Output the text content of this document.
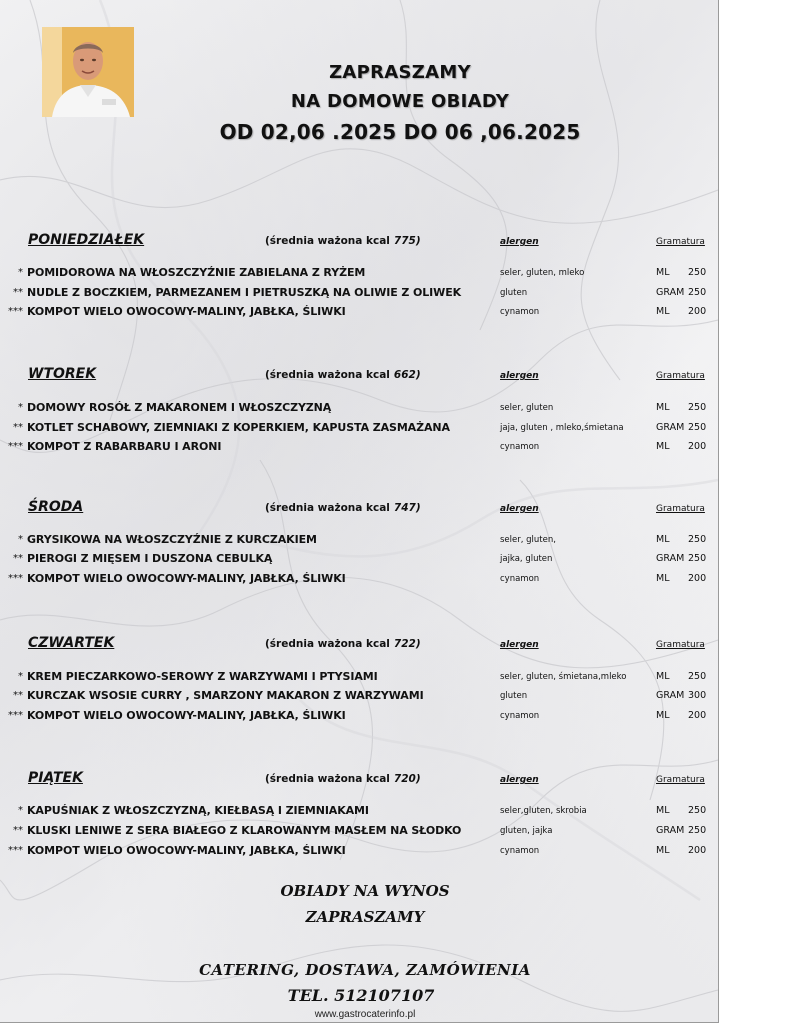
ZAPRASZAMY
NA DOMOWE OBIADY
OD 02,06 .2025 DO 06 ,06.2025
PONIEDZIAŁEK	(średnia ważona kcal 775)	alergen	Gramatura
* POMIDOROWA NA WŁOSZCZYŹNIE ZABIELANA Z RYŻEM	seler, gluten, mleko	ML 250
** NUDLE Z BOCZKIEM, PARMEZANEM I PIETRUSZKĄ NA OLIWIE Z OLIWEK	gluten	GRAM 250
*** KOMPOT WIELO OWOCOWY-MALINY, JABŁKA, ŚLIWKI	cynamon	ML 200
WTOREK	(średnia ważona kcal 662)	alergen	Gramatura
* DOMOWY ROSÓŁ Z MAKARONEM I WŁOSZCZYZNĄ	seler, gluten	ML 250
** KOTLET SCHABOWY, ZIEMNIAKI Z KOPERKIEM, KAPUSTA ZASMAŻANA	jaja, gluten , mleko,śmietana	GRAM 250
*** KOMPOT Z RABARBARU I ARONI	cynamon	ML 200
ŚRODA	(średnia ważona kcal 747)	alergen	Gramatura
* GRYSIKOWA NA WŁOSZCZYŹNIE Z KURCZAKIEM	seler, gluten,	ML 250
** PIEROGI Z MIĘSEM I DUSZONA CEBULKĄ	jajka, gluten	GRAM 250
*** KOMPOT WIELO OWOCOWY-MALINY, JABŁKA, ŚLIWKI	cynamon	ML 200
CZWARTEK	(średnia ważona kcal 722)	alergen	Gramatura
* KREM PIECZARKOWO-SEROWY Z WARZYWAMI I PTYSIAMI	seler, gluten, śmietana,mleko	ML 250
** KURCZAK WSOSIE CURRY , SMARZONY MAKARON Z WARZYWAMI	gluten	GRAM 300
*** KOMPOT WIELO OWOCOWY-MALINY, JABŁKA, ŚLIWKI	cynamon	ML 200
PIĄTEK	(średnia ważona kcal 720)	alergen	Gramatura
* KAPUŚNIAK Z WŁOSZCZYZNĄ, KIEŁBASĄ I ZIEMNIAKAMI	seler,gluten, skrobia	ML 250
** KLUSKI LENIWE Z SERA BIAŁEGO Z KLAROWANYM MASŁEM NA SŁODKO	gluten, jajka	GRAM 250
*** KOMPOT WIELO OWOCOWY-MALINY, JABŁKA, ŚLIWKI	cynamon	ML 200
OBIADY NA WYNOS
ZAPRASZAMY
CATERING, DOSTAWA, ZAMÓWIENIA
TEL. 512107107
www.gastrocaterinfo.pl
